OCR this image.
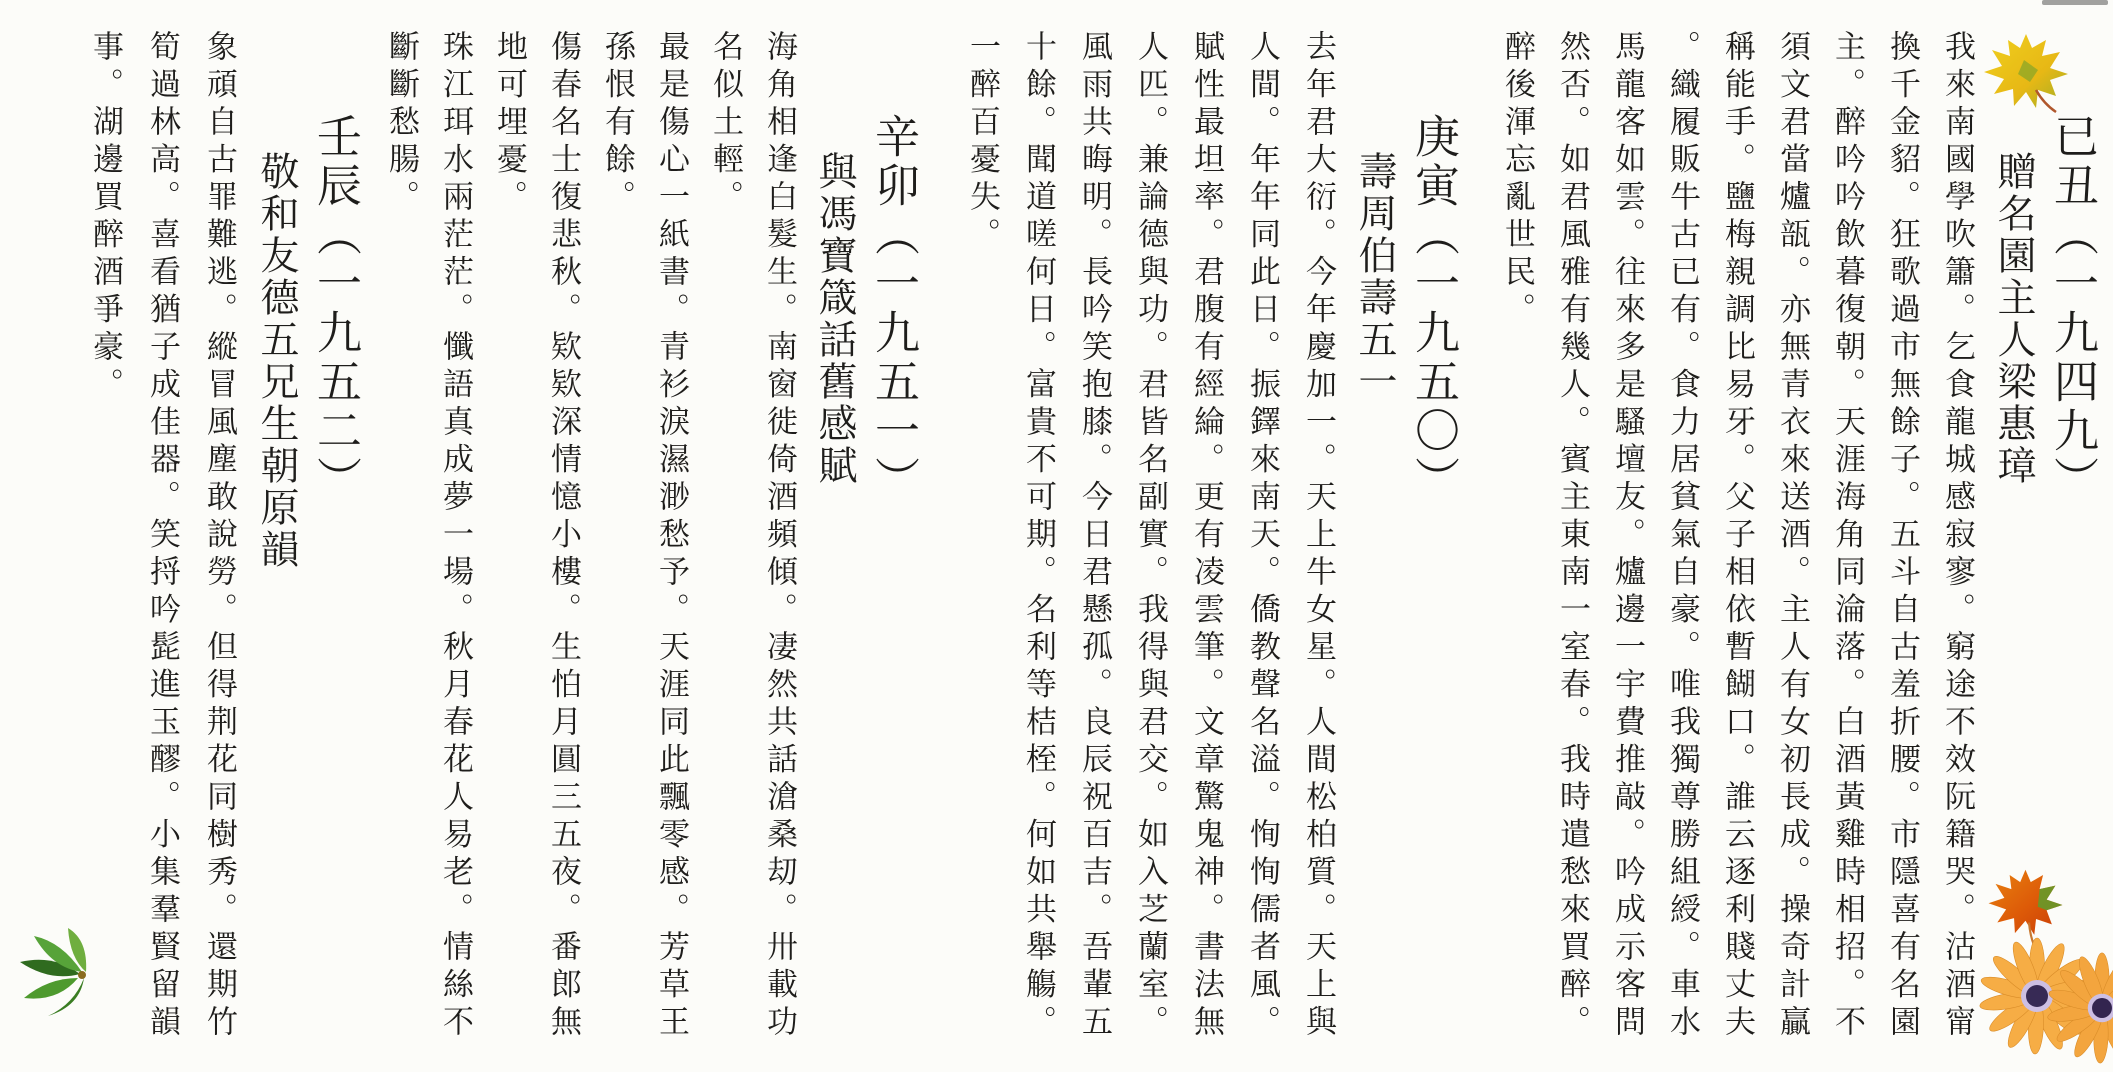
已丑（一九四九）
贈名園主人梁惠璋
我來南國學吹簫。乞食龍城感寂寥。窮途不效阮籍哭。沽酒甯
換千金貂。狂歌過市無餘子。五斗自古羞折腰。市隱喜有名園
主。醉吟吟飲暮復朝。天涯海角同淪落。白酒黃雞時相招。不
須文君當爐瓿。亦無青衣來送酒。主人有女初長成。操奇計贏
稱能手。鹽梅親調比易牙。父子相依暫餬口。誰云逐利賤丈夫
。織履販牛古已有。食力居貧氣自豪。唯我獨尊勝組綬。車水
馬龍客如雲。往來多是騷壇友。爐邊一宇費推敲。吟成示客問
然否。如君風雅有幾人。賓主東南一室春。我時遣愁來買醉。
醉後渾忘亂世民。
庚寅（一九五〇）
壽周伯壽五一
去年君大衍。今年慶加一。天上牛女星。人間松柏質。天上與
人間。年年同此日。振鐸來南天。僑教聲名溢。恂恂儒者風。
賦性最坦率。君腹有經綸。更有凌雲筆。文章驚鬼神。書法無
人匹。兼論德與功。君皆名副實。我得與君交。如入芝蘭室。
風雨共晦明。長吟笑抱膝。今日君懸孤。良辰祝百吉。吾輩五
十餘。聞道嗟何日。富貴不可期。名利等桔桎。何如共舉觴。
一醉百憂失。
辛卯（一九五一）
與馮寶箴話舊感賦
海角相逢白髮生。南窗徙倚酒頻傾。凄然共話滄桑刧。卅載功
名似土輕。
最是傷心一紙書。青衫淚濕渺愁予。天涯同此飄零感。芳草王
孫恨有餘。
傷春名士復悲秋。欵欵深情憶小樓。生怕月圓三五夜。番郎無
地可埋憂。
珠江珥水兩茫茫。懺語真成夢一場。秋月春花人易老。情絲不
斷斷愁腸。
壬辰（一九五二）
敬和友德五兄生朝原韻
象頑自古罪難逃。縱冒風塵敢說勞。但得荆花同樹秀。還期竹
筍過林高。喜看猶子成佳器。笑捋吟髭進玉醪。小集羣賢留韻
事。湖邊買醉酒爭豪。
